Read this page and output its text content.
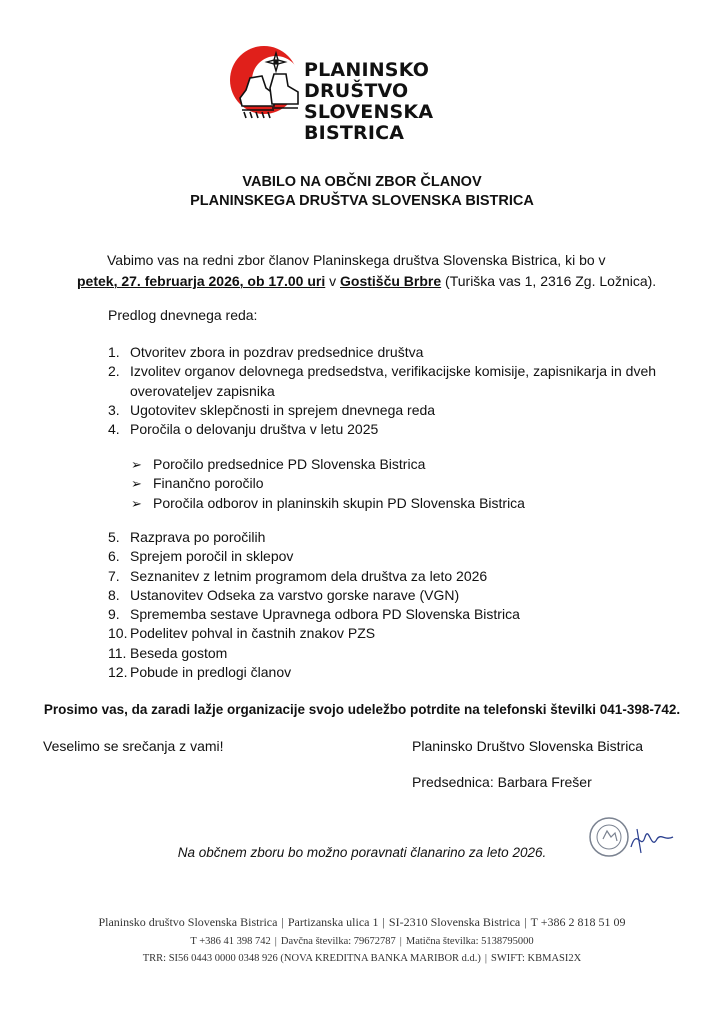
PLANINSKO DRUŠTVO
SLOVENSKA BISTRICA
VABILO NA OBČNI ZBOR ČLANOV
PLANINSKEGA DRUŠTVA SLOVENSKA BISTRICA
Vabimo vas na redni zbor članov Planinskega društva Slovenska Bistrica, ki bo v
petek, 27. februarja 2026, ob 17.00 uri v Gostišču Brbre (Turiška vas 1, 2316 Zg. Ložnica).
Predlog dnevnega reda:
1. Otvoritev zbora in pozdrav predsednice društva
2. Izvolitev organov delovnega predsedstva, verifikacijske komisije, zapisnikarja in dveh overovateljev zapisnika
3. Ugotovitev sklepčnosti in sprejem dnevnega reda
4. Poročila o delovanju društva v letu 2025
➢ Poročilo predsednice PD Slovenska Bistrica
➢ Finančno poročilo
➢ Poročila odborov in planinskih skupin PD Slovenska Bistrica
5. Razprava po poročilih
6. Sprejem poročil in sklepov
7. Seznanitev z letnim programom dela društva za leto 2026
8. Ustanovitev Odseka za varstvo gorske narave (VGN)
9. Sprememba sestave Upravnega odbora PD Slovenska Bistrica
10. Podelitev pohval in častnih znakov PZS
11. Beseda gostom
12. Pobude in predlogi članov
Prosimo vas, da zaradi lažje organizacije svojo udeležbo potrdite na telefonski številki 041-398-742.
Veselimo se srečanja z vami!	Planinsko Društvo Slovenska Bistrica
Predsednica: Barbara Frešer
Na občnem zboru bo možno poravnati članarino za leto 2026.
Planinsko društvo Slovenska Bistrica | Partizanska ulica 1 | SI-2310 Slovenska Bistrica | T +386 2 818 51 09
T +386 41 398 742 | Davčna številka: 79672787 | Matična številka: 5138795000
TRR: SI56 0443 0000 0348 926 (NOVA KREDITNA BANKA MARIBOR d.d.) | SWIFT: KBMASI2X
